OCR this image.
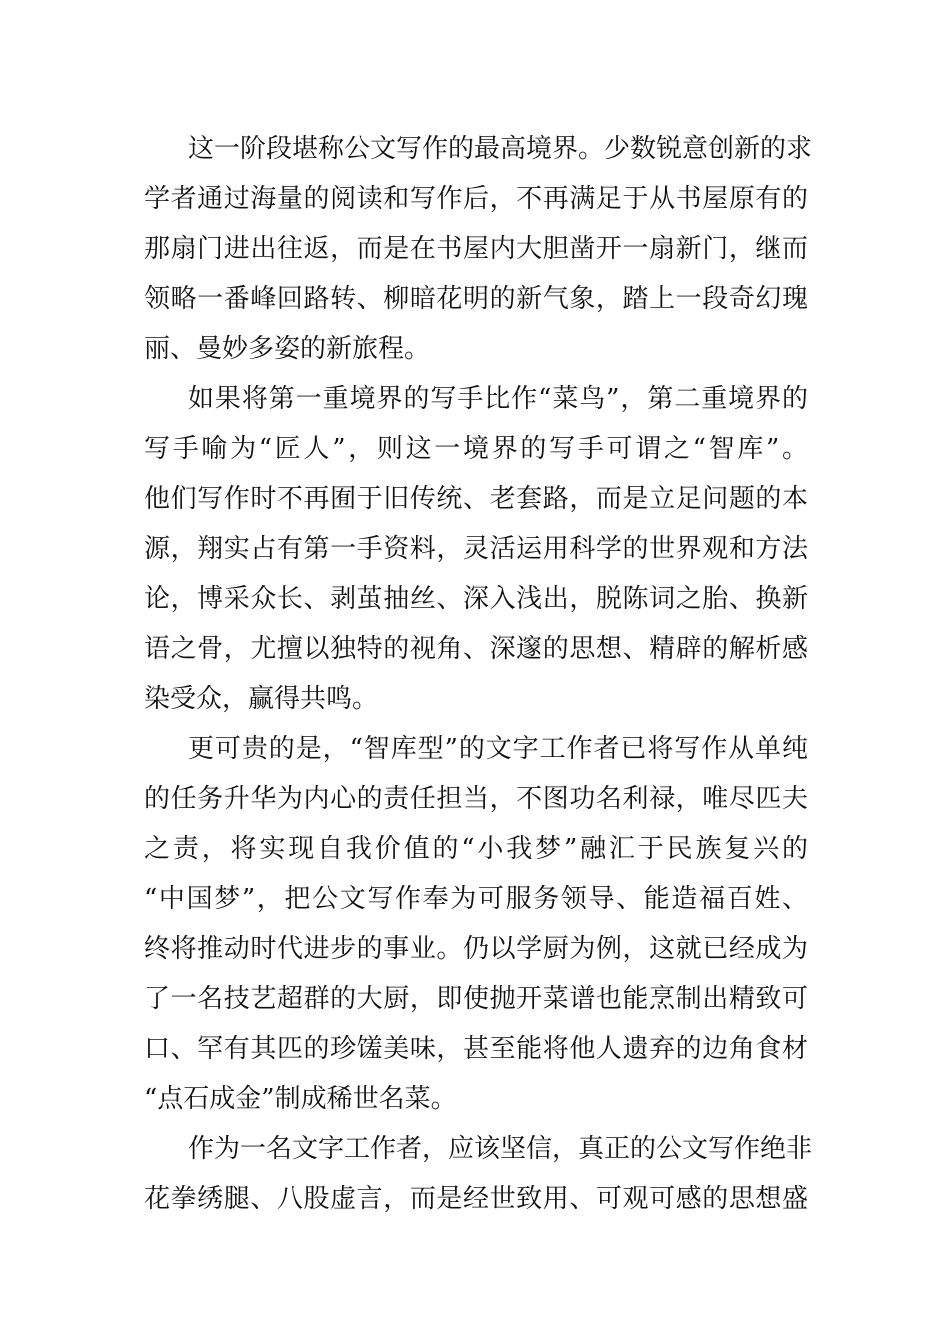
这一阶段堪称公文写作的最高境界。少数锐意创新的求
学者通过海量的阅读和写作后，不再满足于从书屋原有的
那扇门进出往返，而是在书屋内大胆凿开一扇新门，继而
领略一番峰回路转、柳暗花明的新气象，踏上一段奇幻瑰
丽、曼妙多姿的新旅程。
如果将第一重境界的写手比作“菜鸟”，第二重境界的
写手喻为“匠人”，则这一境界的写手可谓之“智库”。
他们写作时不再囿于旧传统、老套路，而是立足问题的本
源，翔实占有第一手资料，灵活运用科学的世界观和方法
论，博采众长、剥茧抽丝、深入浅出，脱陈词之胎、换新
语之骨，尤擅以独特的视角、深邃的思想、精辟的解析感
染受众，赢得共鸣。
更可贵的是，“智库型”的文字工作者已将写作从单纯
的任务升华为内心的责任担当，不图功名利禄，唯尽匹夫
之责，将实现自我价值的“小我梦”融汇于民族复兴的
“中国梦”，把公文写作奉为可服务领导、能造福百姓、
终将推动时代进步的事业。仍以学厨为例，这就已经成为
了一名技艺超群的大厨，即使抛开菜谱也能烹制出精致可
口、罕有其匹的珍馐美味，甚至能将他人遗弃的边角食材
“点石成金”制成稀世名菜。
作为一名文字工作者，应该坚信，真正的公文写作绝非
花拳绣腿、八股虚言，而是经世致用、可观可感的思想盛
